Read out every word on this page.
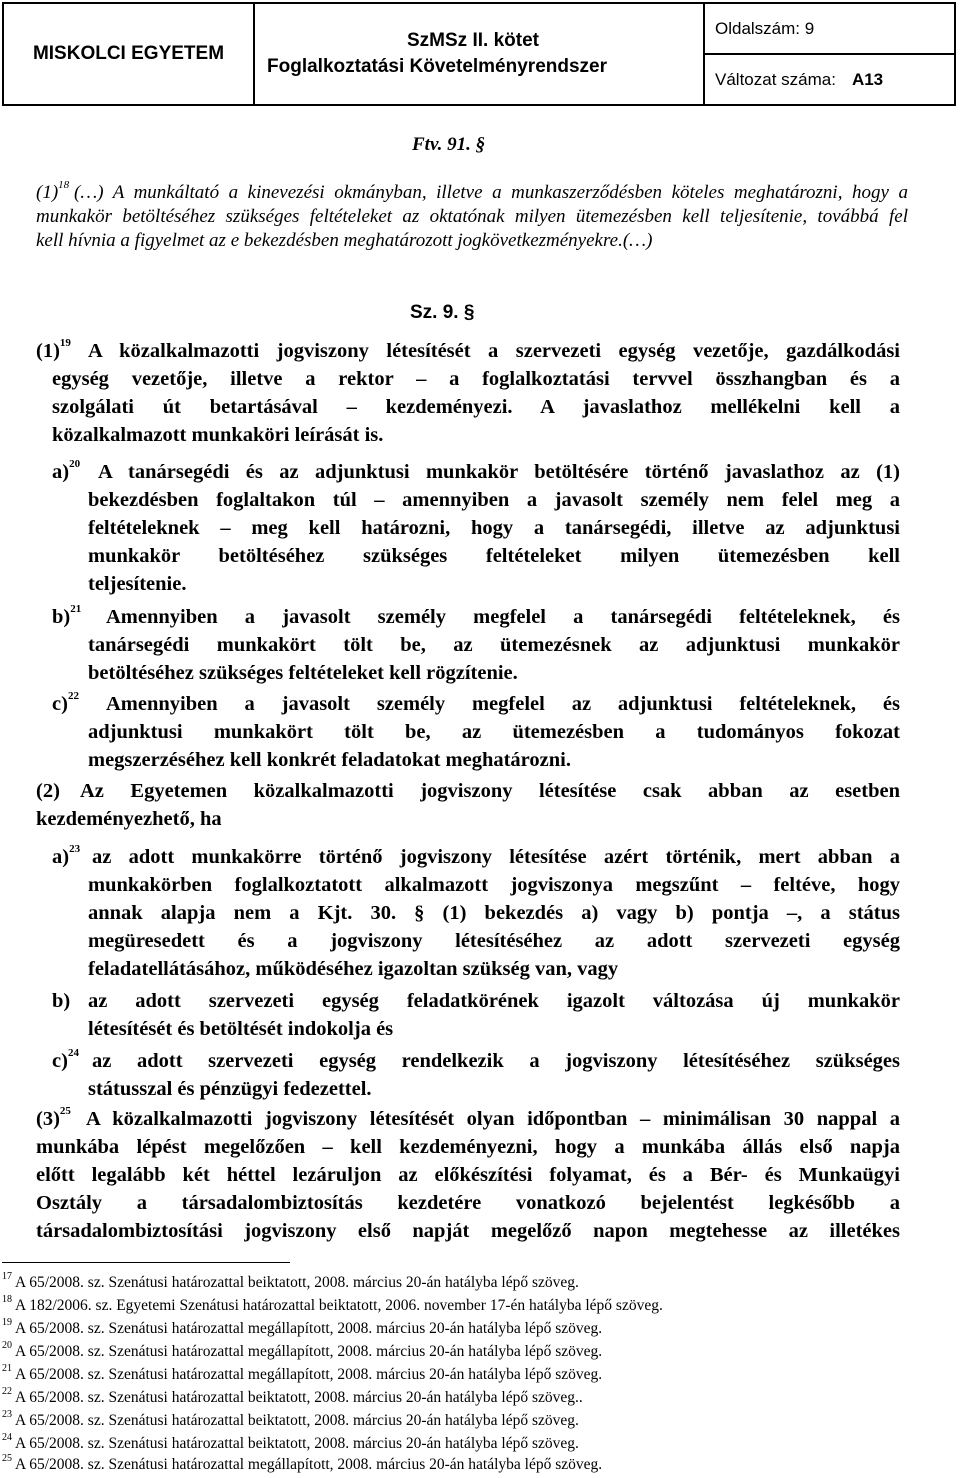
MISKOLCI EGYETEM
SzMSz II. kötet
Foglalkoztatási Követelményrendszer
Oldalszám: 9
Változat száma: A13
Ftv. 91. §
$(1)^{18}$ (…) A munkáltató a kinevezési okmányban, illetve a munkaszerződésben köteles meghatározni, hogy a
munkakör betöltéséhez szükséges feltételeket az oktatónak milyen ütemezésben kell teljesítenie, továbbá fel
kell hívnia a figyelmet az e bekezdésben meghatározott jogkövetkezményekre.(…)
Sz. 9. §
$(1)^{19}$ A közalkalmazotti jogviszony létesítését a szervezeti egység vezetője, gazdálkodási
egység vezetője, illetve a rektor – a foglalkoztatási tervvel összhangban és a
szolgálati út betartásával – kezdeményezi. A javaslathoz mellékelni kell a
közalkalmazott munkaköri leírását is.
a)$^{20}$ A tanársegédi és az adjunktusi munkakör betöltésére történő javaslathoz az (1)
bekezdésben foglaltakon túl – amennyiben a javasolt személy nem felel meg a
feltételeknek – meg kell határozni, hogy a tanársegédi, illetve az adjunktusi
munkakör betöltéséhez szükséges feltételeket milyen ütemezésben kell
teljesítenie.
b)$^{21}$ Amennyiben a javasolt személy megfelel a tanársegédi feltételeknek, és
tanársegédi munkakört tölt be, az ütemezésnek az adjunktusi munkakör
betöltéséhez szükséges feltételeket kell rögzítenie.
c)$^{22}$ Amennyiben a javasolt személy megfelel az adjunktusi feltételeknek, és
adjunktusi munkakört tölt be, az ütemezésben a tudományos fokozat
megszerzéséhez kell konkrét feladatokat meghatározni.
(2) Az Egyetemen közalkalmazotti jogviszony létesítése csak abban az esetben
kezdeményezhető, ha
a)$^{23}$ az adott munkakörre történő jogviszony létesítése azért történik, mert abban a
munkakörben foglalkoztatott alkalmazott jogviszonya megszűnt – feltéve, hogy
annak alapja nem a Kjt. 30. § (1) bekezdés a) vagy b) pontja –, a státus
megüresedett és a jogviszony létesítéséhez az adott szervezeti egység
feladatellátásához, működéséhez igazoltan szükség van, vagy
b) az adott szervezeti egység feladatkörének igazolt változása új munkakör
létesítését és betöltését indokolja és
c)$^{24}$ az adott szervezeti egység rendelkezik a jogviszony létesítéséhez szükséges
státusszal és pénzügyi fedezettel.
$(3)^{25}$ A közalkalmazotti jogviszony létesítését olyan időpontban – minimálisan 30 nappal a
munkába lépést megelőzően – kell kezdeményezni, hogy a munkába állás első napja
előtt legalább két héttel lezáruljon az előkészítési folyamat, és a Bér- és Munkaügyi
Osztály a társadalombiztosítás kezdetére vonatkozó bejelentést legkésőbb a
társadalombiztosítási jogviszony első napját megelőző napon megtehesse az illetékes
$^{17}$ A 65/2008. sz. Szenátusi határozattal beiktatott, 2008. március 20-án hatályba lépő szöveg.
$^{18}$ A 182/2006. sz. Egyetemi Szenátusi határozattal beiktatott, 2006. november 17-én hatályba lépő szöveg.
$^{19}$ A 65/2008. sz. Szenátusi határozattal megállapított, 2008. március 20-án hatályba lépő szöveg.
$^{20}$ A 65/2008. sz. Szenátusi határozattal megállapított, 2008. március 20-án hatályba lépő szöveg.
$^{21}$ A 65/2008. sz. Szenátusi határozattal megállapított, 2008. március 20-án hatályba lépő szöveg.
$^{22}$ A 65/2008. sz. Szenátusi határozattal beiktatott, 2008. március 20-án hatályba lépő szöveg..
$^{23}$ A 65/2008. sz. Szenátusi határozattal beiktatott, 2008. március 20-án hatályba lépő szöveg.
$^{24}$ A 65/2008. sz. Szenátusi határozattal beiktatott, 2008. március 20-án hatályba lépő szöveg.
$^{25}$ A 65/2008. sz. Szenátusi határozattal megállapított, 2008. március 20-án hatályba lépő szöveg.
